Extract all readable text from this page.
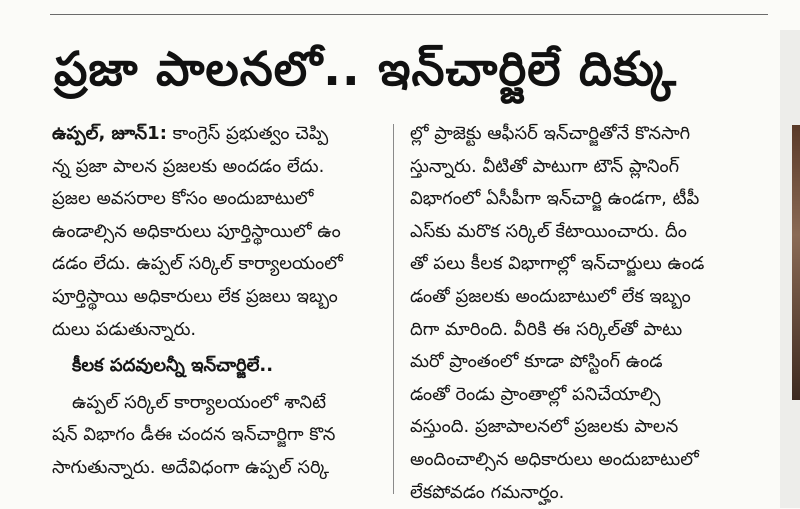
ప్రజా పాలనలో.. ఇన్‌చార్జిలే దిక్కు
ఉప్పల్, జూన్1: కాంగ్రెస్ ప్రభుత్వం చెప్పి
న్న ప్రజా పాలన ప్రజలకు అందడం లేదు.
ప్రజల అవసరాల కోసం అందుబాటులో
ఉండాల్సిన అధికారులు పూర్తిస్థాయిలో ఉం
డడం లేదు. ఉప్పల్ సర్కిల్ కార్యాలయంలో
పూర్తిస్థాయి అధికారులు లేక ప్రజలు ఇబ్బం
దులు పడుతున్నారు.
కీలక పదవులన్నీ ఇన్‌చార్జిలే..
ఉప్పల్ సర్కిల్ కార్యాలయంలో శానిటే
షన్ విభాగం డీఈ చందన ఇన్‌చార్జిగా కొన
సాగుతున్నారు. అదేవిధంగా ఉప్పల్ సర్కి
ల్లో ప్రాజెక్టు ఆఫీసర్ ఇన్‌చార్జితోనే కొనసాగి
స్తున్నారు. వీటితో పాటుగా టౌన్ ప్లానింగ్
విభాగంలో ఏసీపీగా ఇన్‌చార్జి ఉండగా, టీపీ
ఎస్‌కు మరొక సర్కిల్ కేటాయించారు. దీం
తో పలు కీలక విభాగాల్లో ఇన్‌చార్జులు ఉండ
డంతో ప్రజలకు అందుబాటులో లేక ఇబ్బం
దిగా మారింది. వీరికి ఈ సర్కిల్‌తో పాటు
మరో ప్రాంతంలో కూడా పోస్టింగ్ ఉండ
డంతో రెండు ప్రాంతాల్లో పనిచేయాల్సి
వస్తుంది. ప్రజాపాలనలో ప్రజలకు పాలన
అందించాల్సిన అధికారులు అందుబాటులో
లేకపోవడం గమనార్హం.
